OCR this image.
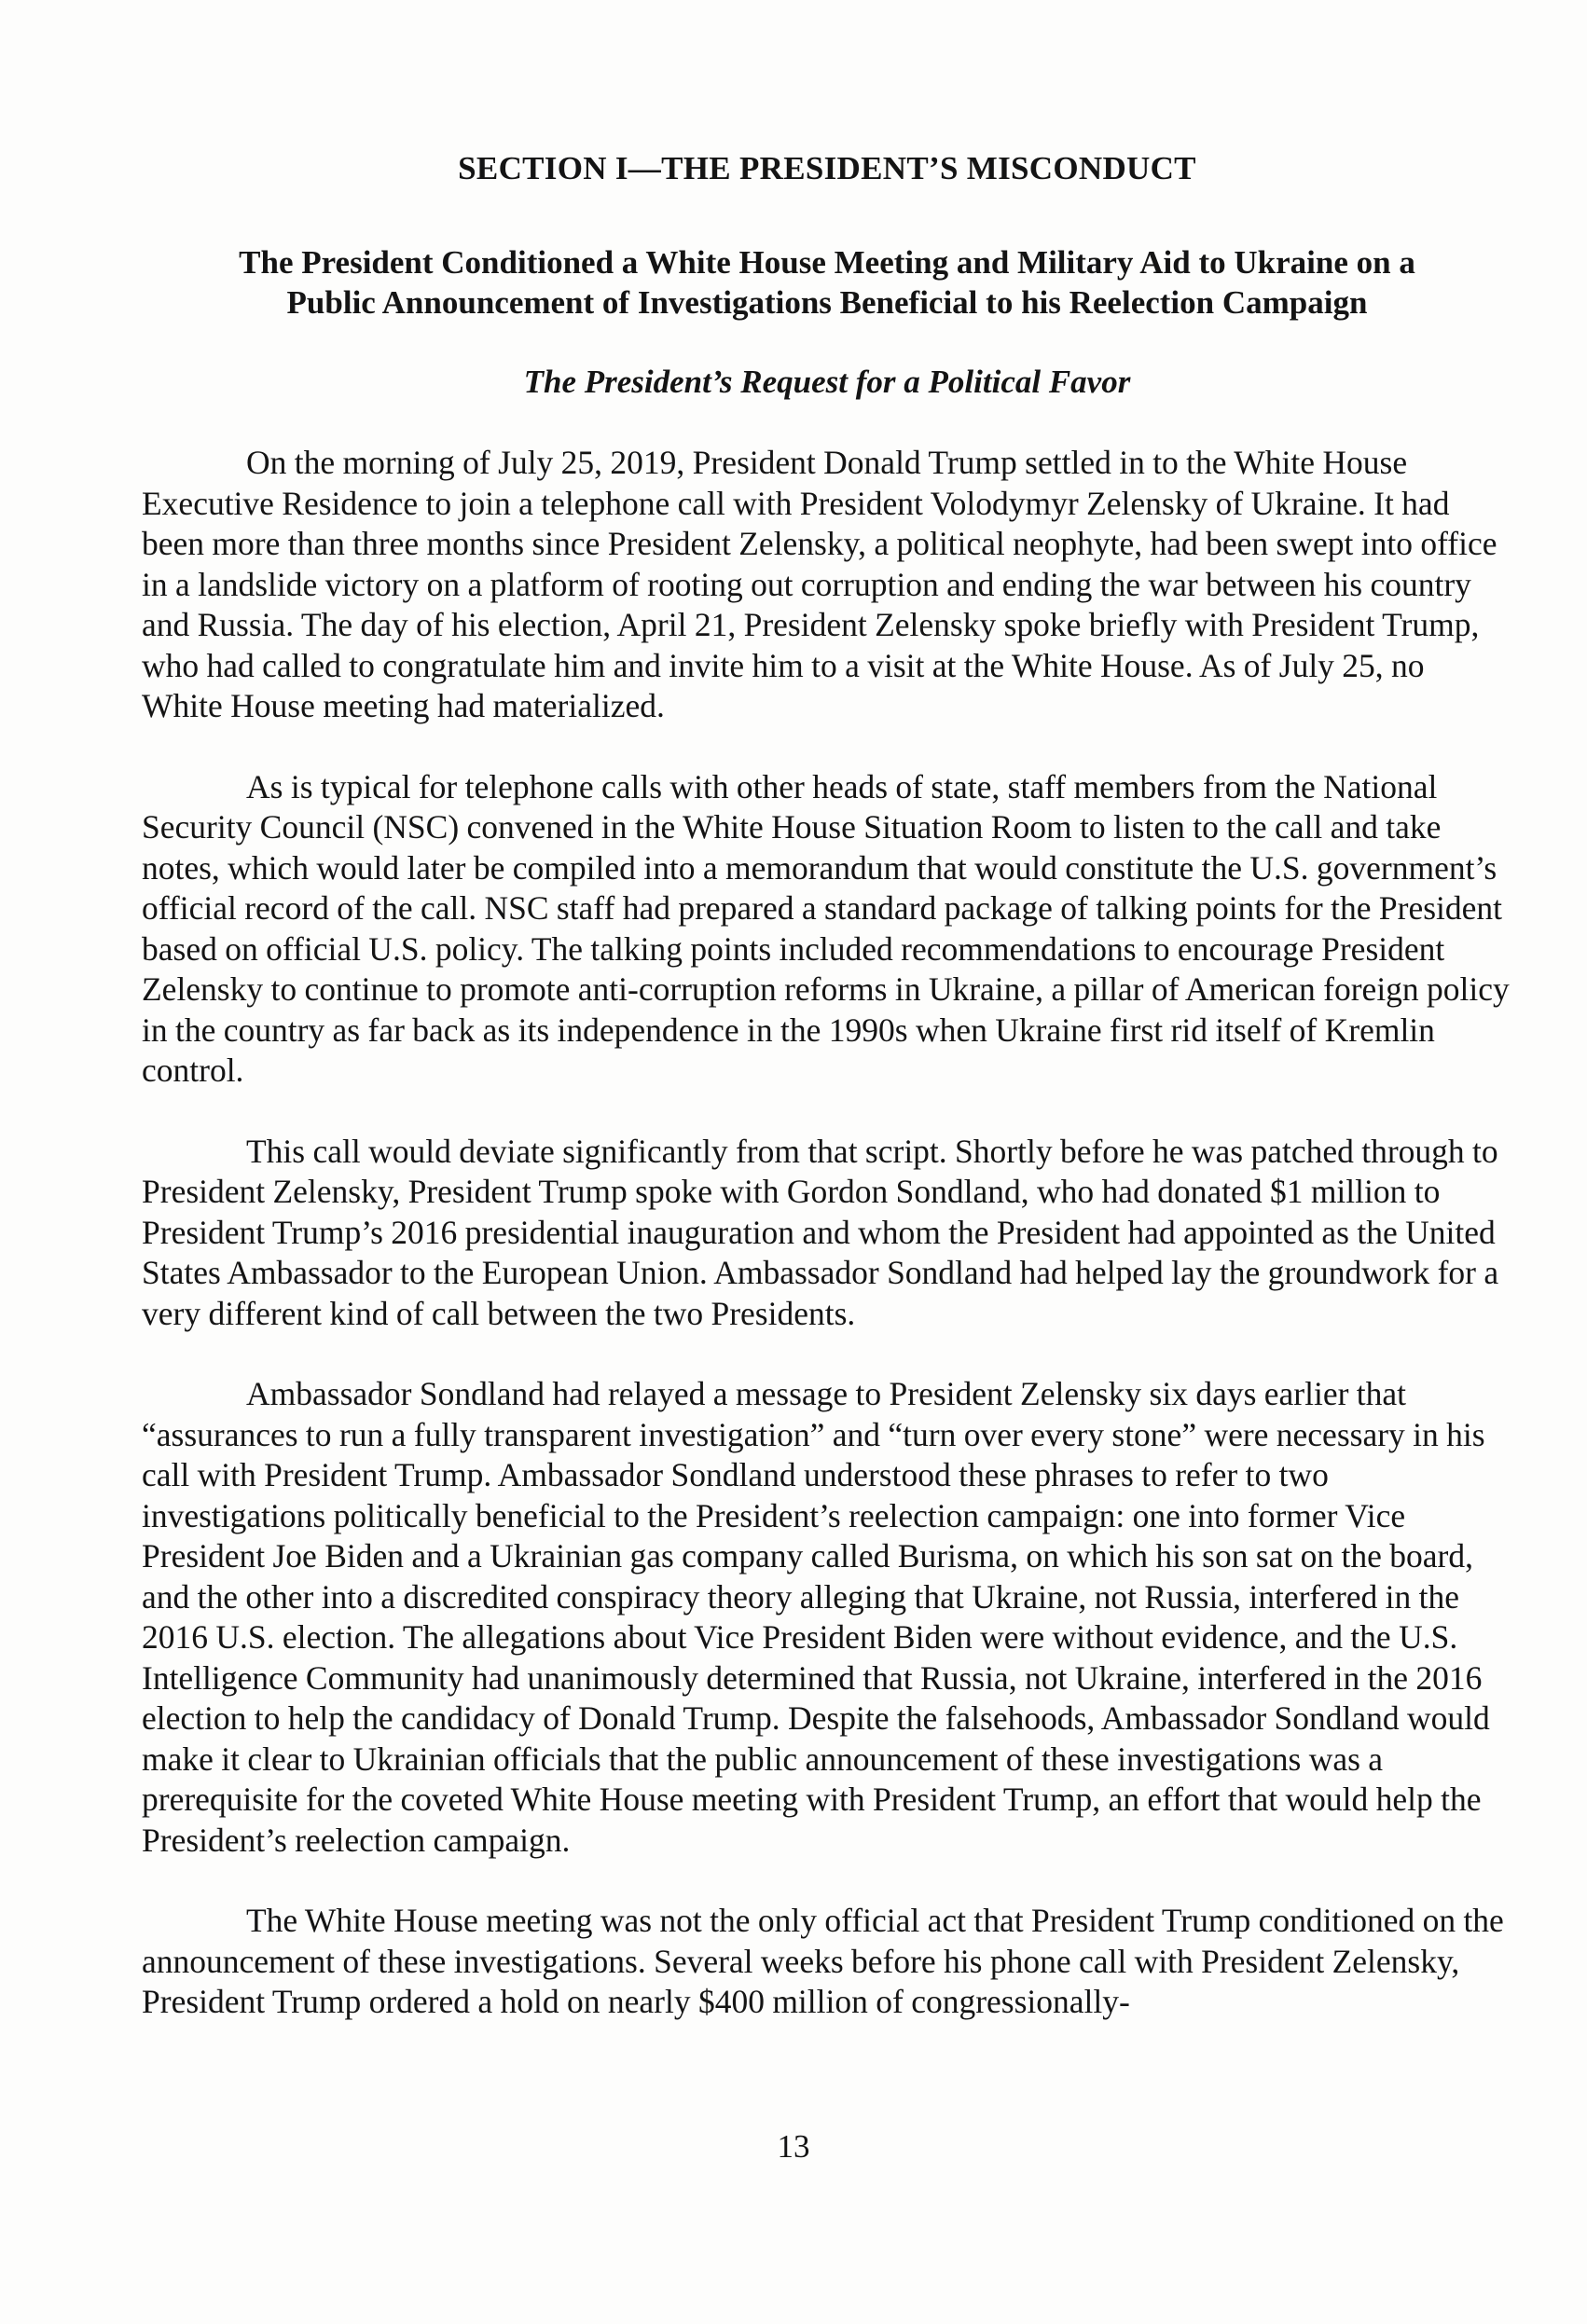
SECTION I—THE PRESIDENT’S MISCONDUCT
The President Conditioned a White House Meeting and Military Aid to Ukraine on a
Public Announcement of Investigations Beneficial to his Reelection Campaign
The President’s Request for a Political Favor

On the morning of July 25, 2019, President Donald Trump settled in to the White House Executive Residence to join a telephone call with President Volodymyr Zelensky of Ukraine. It had been more than three months since President Zelensky, a political neophyte, had been swept into office in a landslide victory on a platform of rooting out corruption and ending the war between his country and Russia. The day of his election, April 21, President Zelensky spoke briefly with President Trump, who had called to congratulate him and invite him to a visit at the White House. As of July 25, no White House meeting had materialized.

As is typical for telephone calls with other heads of state, staff members from the National Security Council (NSC) convened in the White House Situation Room to listen to the call and take notes, which would later be compiled into a memorandum that would constitute the U.S. government’s official record of the call. NSC staff had prepared a standard package of talking points for the President based on official U.S. policy. The talking points included recommendations to encourage President Zelensky to continue to promote anti-corruption reforms in Ukraine, a pillar of American foreign policy in the country as far back as its independence in the 1990s when Ukraine first rid itself of Kremlin control.

This call would deviate significantly from that script. Shortly before he was patched through to President Zelensky, President Trump spoke with Gordon Sondland, who had donated $1 million to President Trump’s 2016 presidential inauguration and whom the President had appointed as the United States Ambassador to the European Union. Ambassador Sondland had helped lay the groundwork for a very different kind of call between the two Presidents.

Ambassador Sondland had relayed a message to President Zelensky six days earlier that “assurances to run a fully transparent investigation” and “turn over every stone” were necessary in his call with President Trump. Ambassador Sondland understood these phrases to refer to two investigations politically beneficial to the President’s reelection campaign: one into former Vice President Joe Biden and a Ukrainian gas company called Burisma, on which his son sat on the board, and the other into a discredited conspiracy theory alleging that Ukraine, not Russia, interfered in the 2016 U.S. election. The allegations about Vice President Biden were without evidence, and the U.S. Intelligence Community had unanimously determined that Russia, not Ukraine, interfered in the 2016 election to help the candidacy of Donald Trump. Despite the falsehoods, Ambassador Sondland would make it clear to Ukrainian officials that the public announcement of these investigations was a prerequisite for the coveted White House meeting with President Trump, an effort that would help the President’s reelection campaign.

The White House meeting was not the only official act that President Trump conditioned on the announcement of these investigations. Several weeks before his phone call with President Zelensky, President Trump ordered a hold on nearly $400 million of congressionally-

13
